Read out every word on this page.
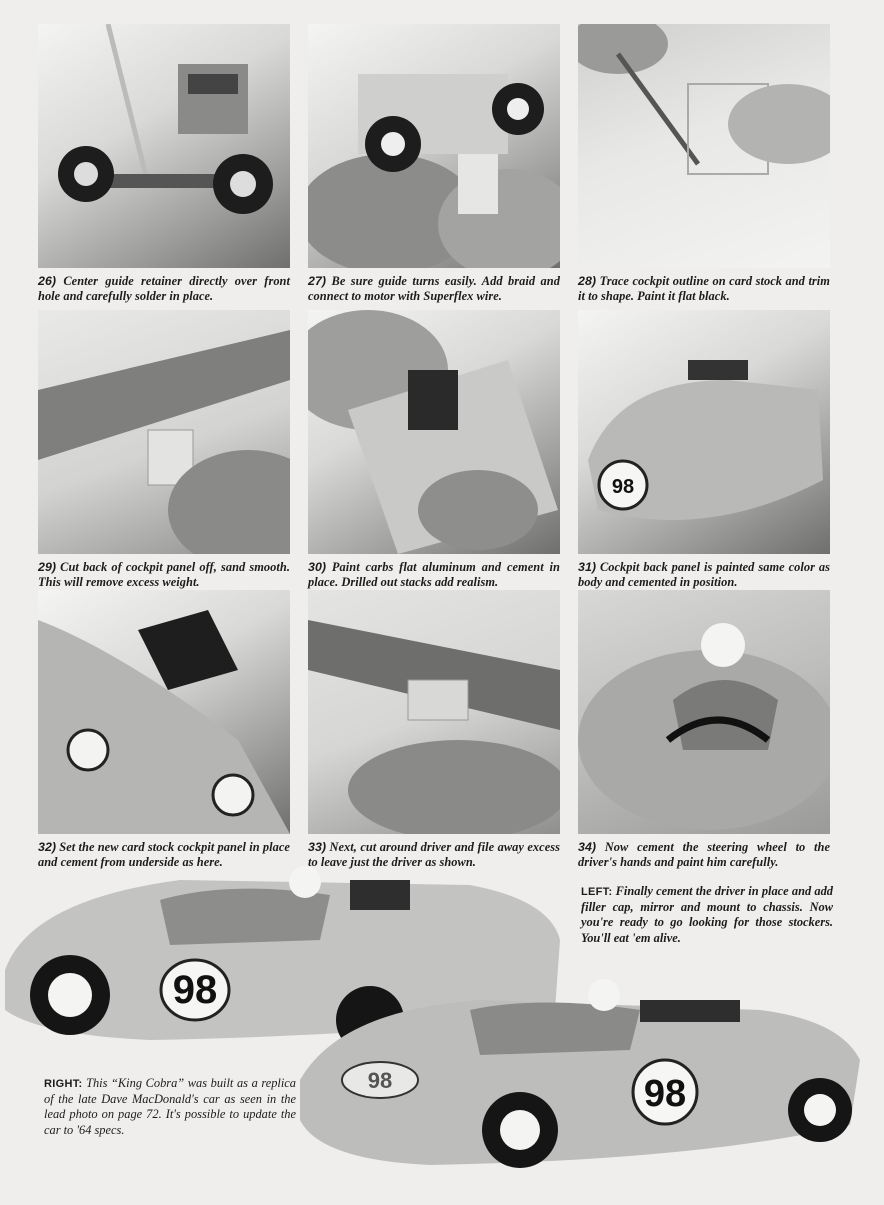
26) Center guide retainer directly over front hole and carefully solder in place.
27) Be sure guide turns easily. Add braid and connect to motor with Superflex wire.
28) Trace cockpit outline on card stock and trim it to shape. Paint it flat black.
29) Cut back of cockpit panel off, sand smooth. This will remove excess weight.
30) Paint carbs flat aluminum and cement in place. Drilled out stacks add realism.
98
31) Cockpit back panel is painted same color as body and cemented in position.
32) Set the new card stock cockpit panel in place and cement from underside as here.
33) Next, cut around driver and file away excess to leave just the driver as shown.
34) Now cement the steering wheel to the driver's hands and paint him carefully.
98
98
98
LEFT: Finally cement the driver in place and add filler cap, mirror and mount to chassis. Now you're ready to go looking for those stockers. You'll eat 'em alive.
RIGHT: This “King Cobra” was built as a replica of the late Dave MacDonald's car as seen in the lead photo on page 72. It's possible to update the car to '64 specs.
